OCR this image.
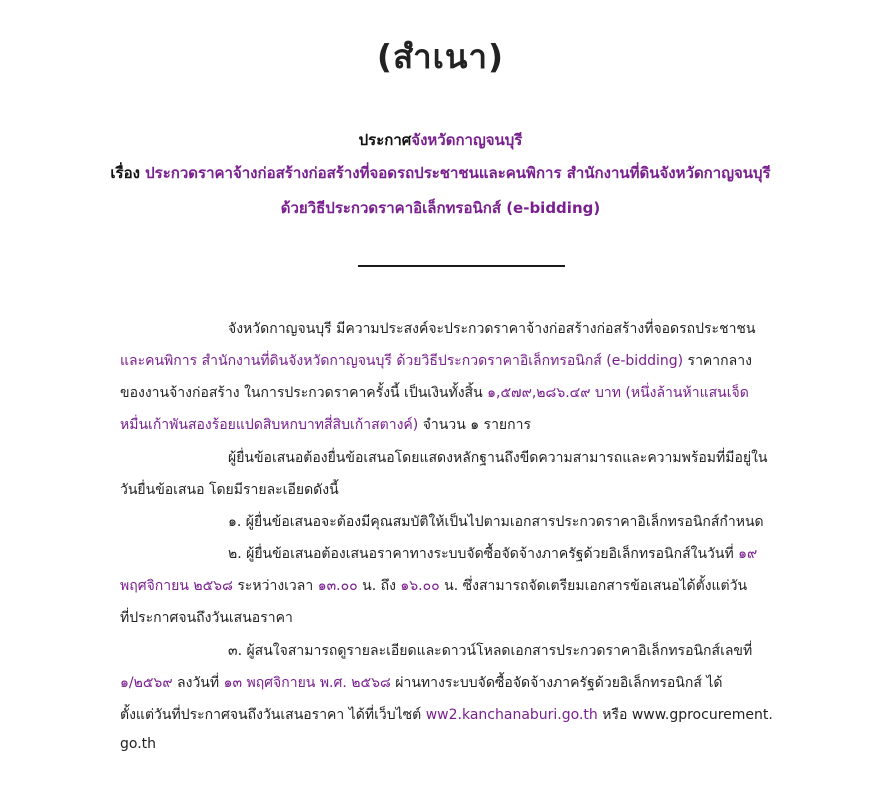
(สำเนา)
ประกาศจังหวัดกาญจนบุรี
เรื่อง ประกวดราคาจ้างก่อสร้างก่อสร้างที่จอดรถประชาชนและคนพิการ สำนักงานที่ดินจังหวัดกาญจนบุรี
ด้วยวิธีประกวดราคาอิเล็กทรอนิกส์ (e-bidding)
จังหวัดกาญจนบุรี มีความประสงค์จะประกวดราคาจ้างก่อสร้างก่อสร้างที่จอดรถประชาชน
และคนพิการ สำนักงานที่ดินจังหวัดกาญจนบุรี ด้วยวิธีประกวดราคาอิเล็กทรอนิกส์ (e-bidding) ราคากลาง
ของงานจ้างก่อสร้าง ในการประกวดราคาครั้งนี้ เป็นเงินทั้งสิ้น ๑,๕๗๙,๒๘๖.๔๙ บาท (หนึ่งล้านห้าแสนเจ็ด
หมื่นเก้าพันสองร้อยแปดสิบหกบาทสี่สิบเก้าสตางค์) จำนวน ๑ รายการ
ผู้ยื่นข้อเสนอต้องยื่นข้อเสนอโดยแสดงหลักฐานถึงขีดความสามารถและความพร้อมที่มีอยู่ใน
วันยื่นข้อเสนอ โดยมีรายละเอียดดังนี้
๑. ผู้ยื่นข้อเสนอจะต้องมีคุณสมบัติให้เป็นไปตามเอกสารประกวดราคาอิเล็กทรอนิกส์กำหนด
๒. ผู้ยื่นข้อเสนอต้องเสนอราคาทางระบบจัดซื้อจัดจ้างภาครัฐด้วยอิเล็กทรอนิกส์ในวันที่ ๑๙
พฤศจิกายน ๒๕๖๘ ระหว่างเวลา ๑๓.๐๐ น. ถึง ๑๖.๐๐ น. ซึ่งสามารถจัดเตรียมเอกสารข้อเสนอได้ตั้งแต่วัน
ที่ประกาศจนถึงวันเสนอราคา
๓. ผู้สนใจสามารถดูรายละเอียดและดาวน์โหลดเอกสารประกวดราคาอิเล็กทรอนิกส์เลขที่
๑/๒๕๖๙ ลงวันที่ ๑๓ พฤศจิกายน พ.ศ. ๒๕๖๘ ผ่านทางระบบจัดซื้อจัดจ้างภาครัฐด้วยอิเล็กทรอนิกส์ ได้
ตั้งแต่วันที่ประกาศจนถึงวันเสนอราคา ได้ที่เว็บไซต์ ww2.kanchanaburi.go.th หรือ www.gprocurement.
go.th
